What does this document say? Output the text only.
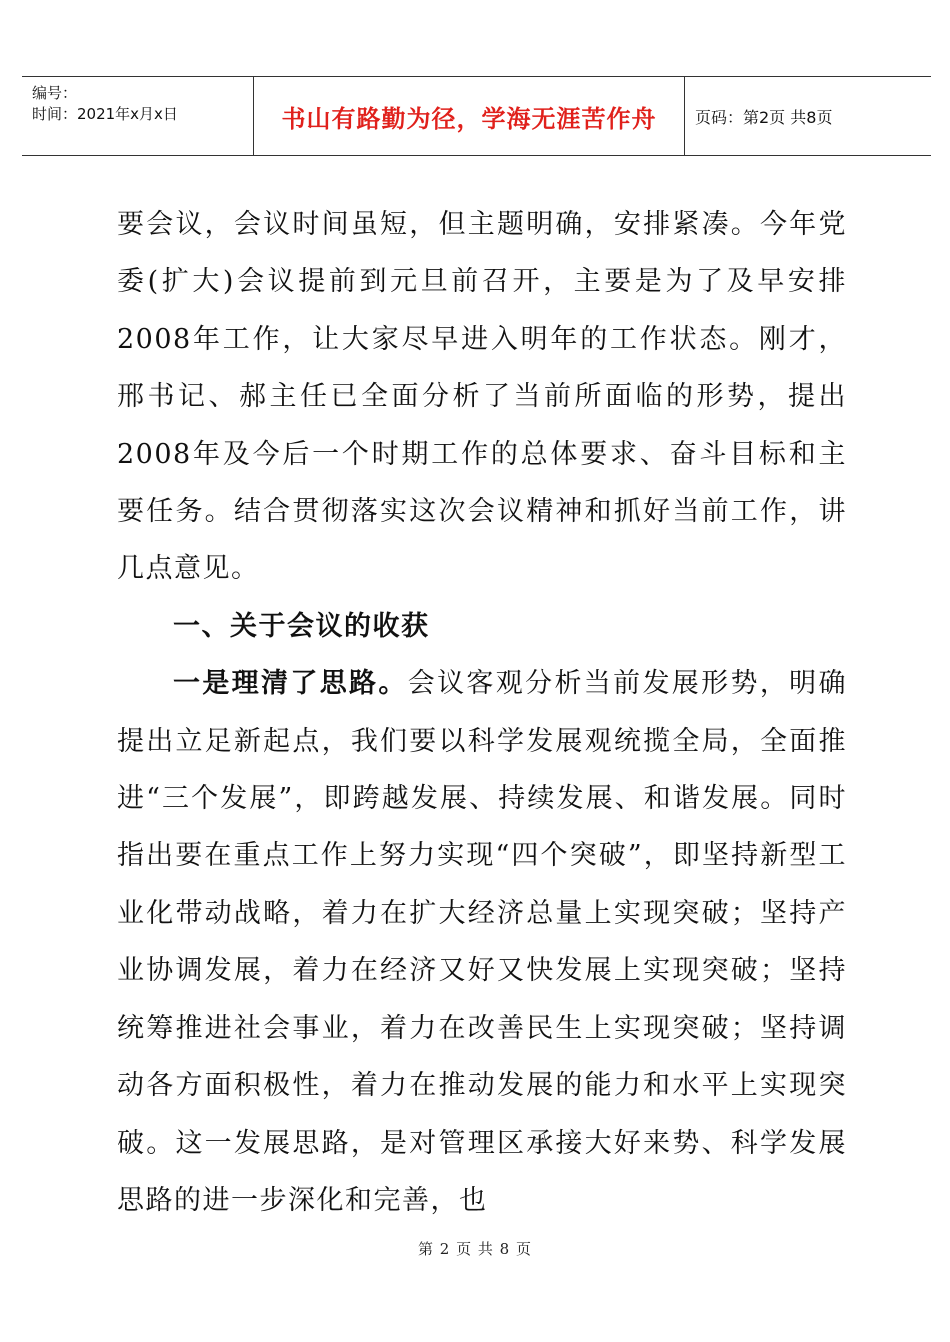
编号：
时间：2021年x月x日	书山有路勤为径，学海无涯苦作舟	页码：第2页 共8页

要会议，会议时间虽短，但主题明确，安排紧凑。今年党委(扩大)会议提前到元旦前召开，主要是为了及早安排2008年工作，让大家尽早进入明年的工作状态。刚才，邢书记、郝主任已全面分析了当前所面临的形势，提出2008年及今后一个时期工作的总体要求、奋斗目标和主要任务。结合贯彻落实这次会议精神和抓好当前工作，讲几点意见。

一、关于会议的收获

一是理清了思路。会议客观分析当前发展形势，明确提出立足新起点，我们要以科学发展观统揽全局，全面推进“三个发展”，即跨越发展、持续发展、和谐发展。同时指出要在重点工作上努力实现“四个突破”，即坚持新型工业化带动战略，着力在扩大经济总量上实现突破；坚持产业协调发展，着力在经济又好又快发展上实现突破；坚持统筹推进社会事业，着力在改善民生上实现突破；坚持调动各方面积极性，着力在推动发展的能力和水平上实现突破。这一发展思路，是对管理区承接大好来势、科学发展思路的进一步深化和完善，也

第 2 页 共 8 页
